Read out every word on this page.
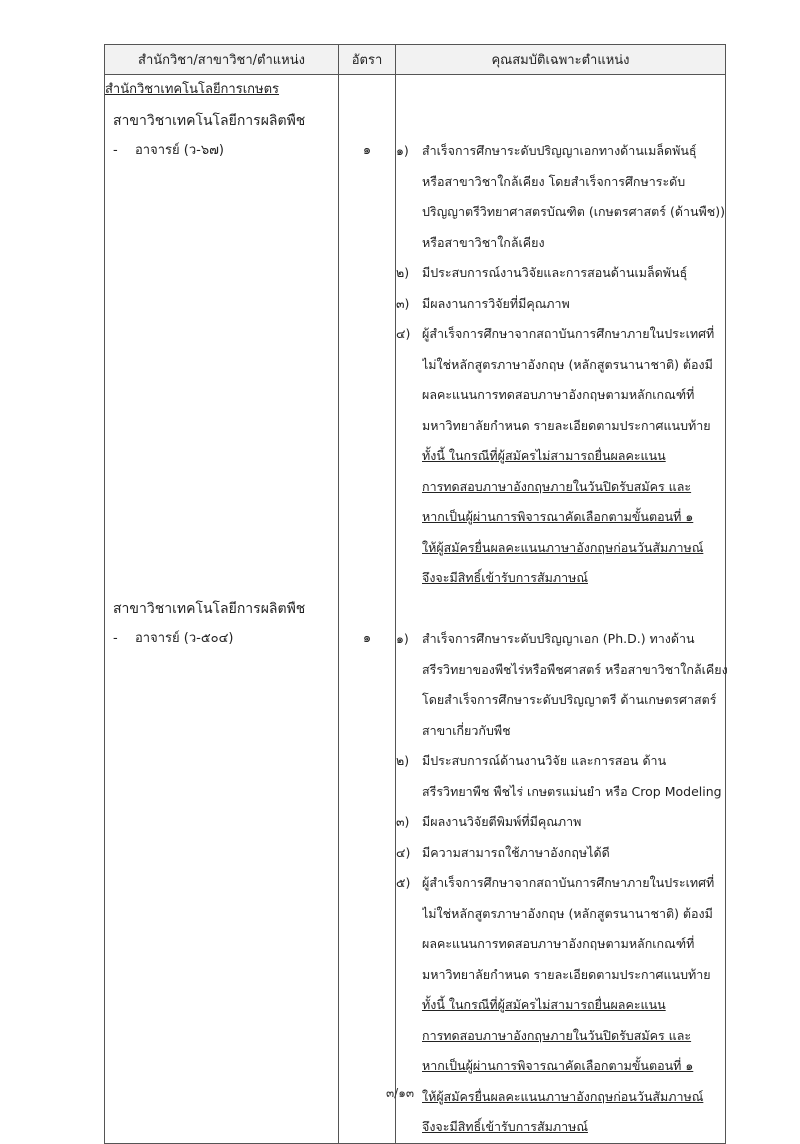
สำนักวิชา/สาขาวิชา/ตำแหน่ง	อัตรา	คุณสมบัติเฉพาะตำแหน่ง

สำนักวิชาเทคโนโลยีการเกษตร
สาขาวิชาเทคโนโลยีการผลิตพืช
- อาจารย์ (ว-๖๗)	๑	๑)	สำเร็จการศึกษาระดับปริญญาเอกทางด้านเมล็ดพันธุ์
หรือสาขาวิชาใกล้เคียง โดยสำเร็จการศึกษาระดับ
ปริญญาตรีวิทยาศาสตรบัณฑิต (เกษตรศาสตร์ (ด้านพืช))
หรือสาขาวิชาใกล้เคียง
๒)	มีประสบการณ์งานวิจัยและการสอนด้านเมล็ดพันธุ์
๓)	มีผลงานการวิจัยที่มีคุณภาพ
๔) ผู้สำเร็จการศึกษาจากสถาบันการศึกษาภายในประเทศที่
ไม่ใช่หลักสูตรภาษาอังกฤษ (หลักสูตรนานาชาติ) ต้องมี
ผลคะแนนการทดสอบภาษาอังกฤษตามหลักเกณฑ์ที่
มหาวิทยาลัยกำหนด รายละเอียดตามประกาศแนบท้าย
ทั้งนี้ ในกรณีที่ผู้สมัครไม่สามารถยื่นผลคะแนน
การทดสอบภาษาอังกฤษภายในวันปิดรับสมัคร และ
หากเป็นผู้ผ่านการพิจารณาคัดเลือกตามขั้นตอนที่ ๑
ให้ผู้สมัครยื่นผลคะแนนภาษาอังกฤษก่อนวันสัมภาษณ์
จึงจะมีสิทธิ์เข้ารับการสัมภาษณ์

สาขาวิชาเทคโนโลยีการผลิตพืช
- อาจารย์ (ว-๕๐๔)	๑	๑)	สำเร็จการศึกษาระดับปริญญาเอก (Ph.D.) ทางด้าน
สรีรวิทยาของพืชไร่หรือพืชศาสตร์ หรือสาขาวิชาใกล้เคียง
โดยสำเร็จการศึกษาระดับปริญญาตรี ด้านเกษตรศาสตร์
สาขาเกี่ยวกับพืช
๒)	มีประสบการณ์ด้านงานวิจัย และการสอน ด้าน
สรีรวิทยาพืช พืชไร่ เกษตรแม่นยำ หรือ Crop Modeling
๓)	มีผลงานวิจัยตีพิมพ์ที่มีคุณภาพ
๔) มีความสามารถใช้ภาษาอังกฤษได้ดี
๕) ผู้สำเร็จการศึกษาจากสถาบันการศึกษาภายในประเทศที่
ไม่ใช่หลักสูตรภาษาอังกฤษ (หลักสูตรนานาชาติ) ต้องมี
ผลคะแนนการทดสอบภาษาอังกฤษตามหลักเกณฑ์ที่
มหาวิทยาลัยกำหนด รายละเอียดตามประกาศแนบท้าย
ทั้งนี้ ในกรณีที่ผู้สมัครไม่สามารถยื่นผลคะแนน
การทดสอบภาษาอังกฤษภายในวันปิดรับสมัคร และ
หากเป็นผู้ผ่านการพิจารณาคัดเลือกตามขั้นตอนที่ ๑
ให้ผู้สมัครยื่นผลคะแนนภาษาอังกฤษก่อนวันสัมภาษณ์
จึงจะมีสิทธิ์เข้ารับการสัมภาษณ์
๓/๑๓
